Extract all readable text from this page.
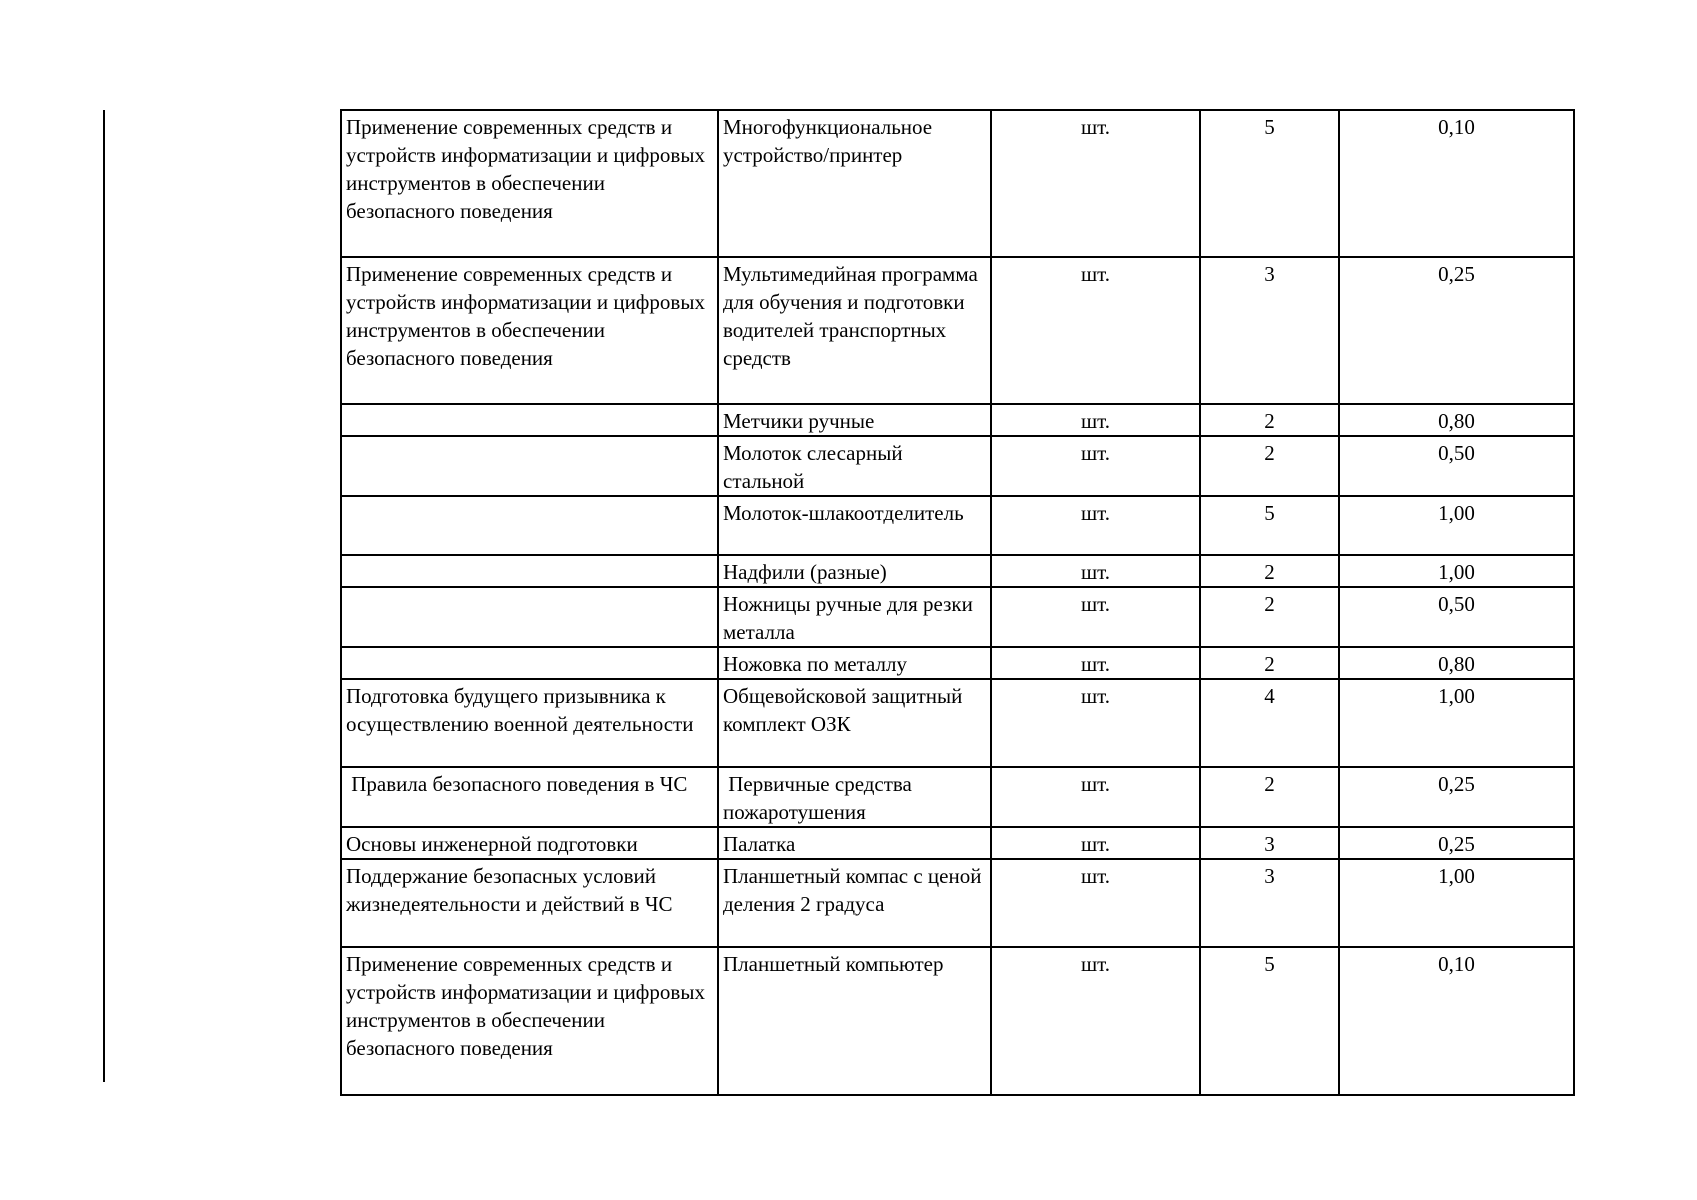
Применение современных средств и устройств информатизации и цифровых инструментов в обеспечении безопасного поведения	Многофункциональное устройство/принтер	шт.	5	0,10
Применение современных средств и устройств информатизации и цифровых инструментов в обеспечении безопасного поведения	Мультимедийная программа для обучения и подготовки водителей транспортных средств	шт.	3	0,25
	Метчики ручные	шт.	2	0,80
	Молоток слесарный стальной	шт.	2	0,50
	Молоток-шлакоотделитель	шт.	5	1,00
	Надфили (разные)	шт.	2	1,00
	Ножницы ручные для резки металла	шт.	2	0,50
	Ножовка по металлу	шт.	2	0,80
Подготовка будущего призывника к осуществлению военной деятельности	Общевойсковой защитный комплект ОЗК	шт.	4	1,00
Правила безопасного поведения в ЧС	Первичные средства пожаротушения	шт.	2	0,25
Основы инженерной подготовки	Палатка	шт.	3	0,25
Поддержание безопасных условий жизнедеятельности и действий в ЧС	Планшетный компас с ценой деления 2 градуса	шт.	3	1,00
Применение современных средств и устройств информатизации и цифровых инструментов в обеспечении безопасного поведения	Планшетный компьютер	шт.	5	0,10
